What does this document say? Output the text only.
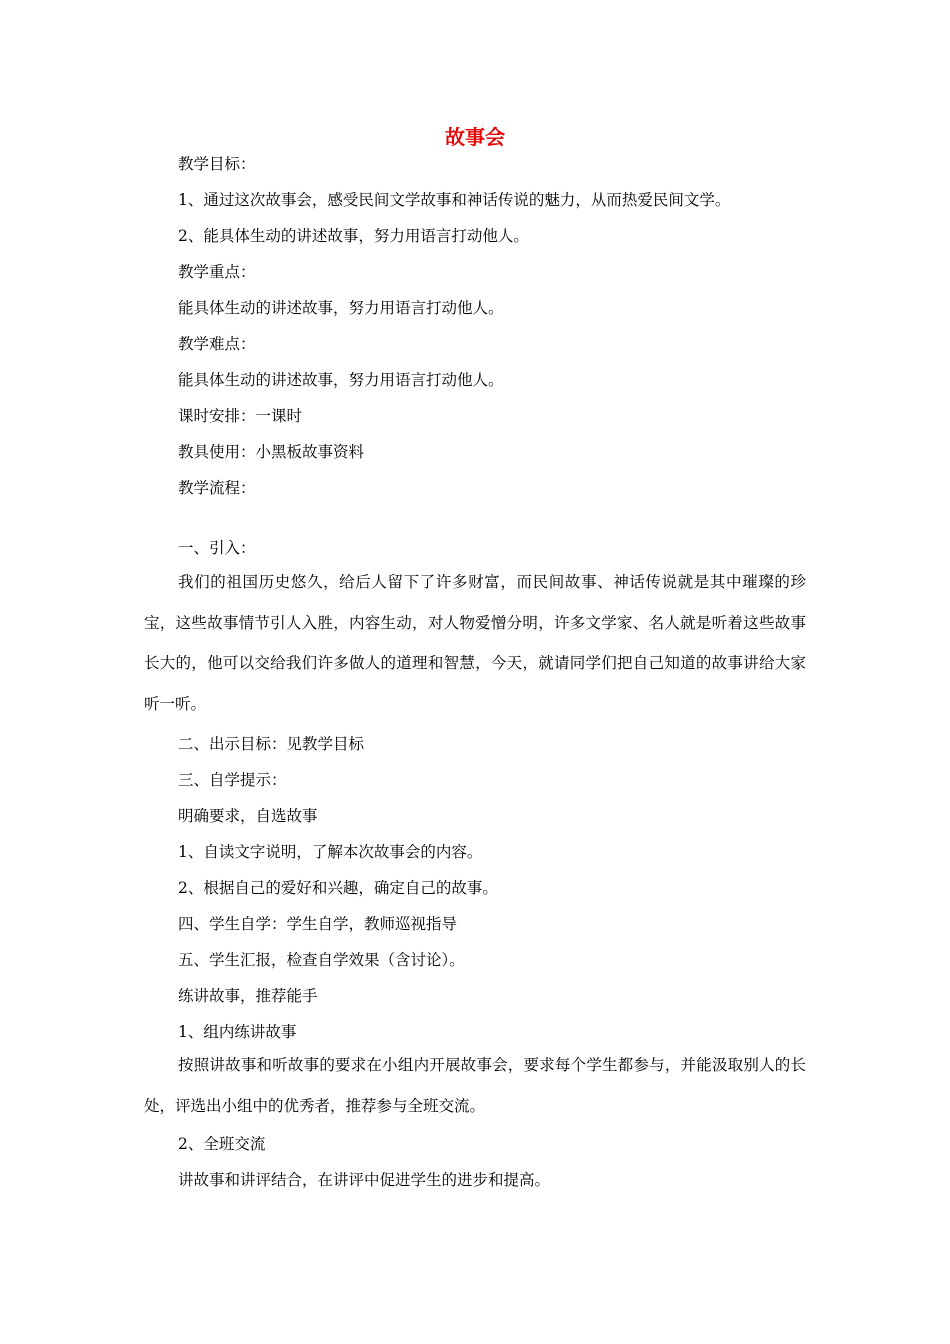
故事会

教学目标：

1、通过这次故事会，感受民间文学故事和神话传说的魅力，从而热爱民间文学。

2、能具体生动的讲述故事，努力用语言打动他人。

教学重点：

能具体生动的讲述故事，努力用语言打动他人。

教学难点：

能具体生动的讲述故事，努力用语言打动他人。

课时安排：一课时

教具使用：小黑板故事资料

教学流程：

一、引入：

我们的祖国历史悠久，给后人留下了许多财富，而民间故事、神话传说就是其中璀璨的珍宝，这些故事情节引人入胜，内容生动，对人物爱憎分明，许多文学家、名人就是听着这些故事长大的，他可以交给我们许多做人的道理和智慧，今天，就请同学们把自己知道的故事讲给大家听一听。

二、出示目标：见教学目标

三、自学提示：

明确要求，自选故事

1、自读文字说明，了解本次故事会的内容。

2、根据自己的爱好和兴趣，确定自己的故事。

四、学生自学：学生自学，教师巡视指导

五、学生汇报，检查自学效果（含讨论）。

练讲故事，推荐能手

1、组内练讲故事

按照讲故事和听故事的要求在小组内开展故事会，要求每个学生都参与，并能汲取别人的长处，评选出小组中的优秀者，推荐参与全班交流。

2、全班交流

讲故事和讲评结合，在讲评中促进学生的进步和提高。
